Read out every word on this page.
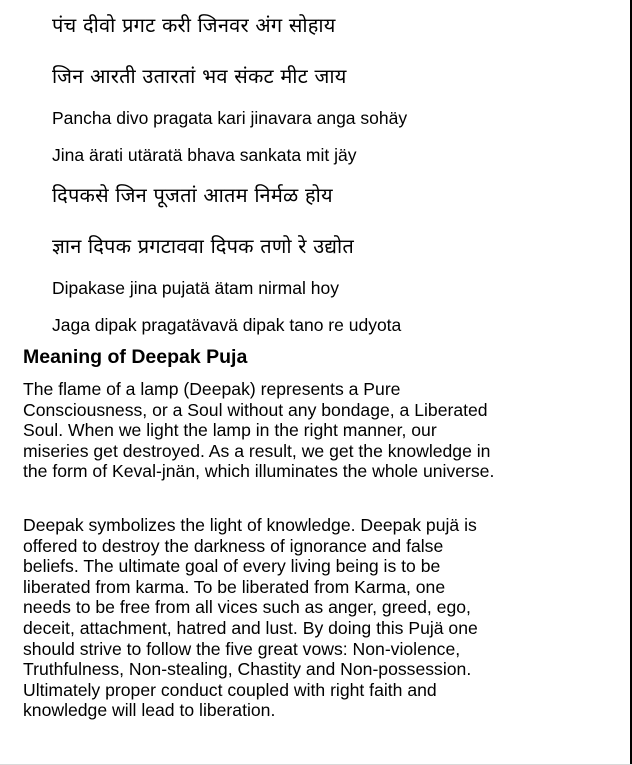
पंच दीवो प्रगट करी जिनवर अंग सोहाय

जिन आरती उतारतां भव संकट मीट जाय

Pancha divo pragata kari jinavara anga sohäy

Jina ärati utäratä bhava sankata mit jäy

दिपकसे जिन पूजतां आतम निर्मळ होय

ज्ञान दिपक प्रगटाववा दिपक तणो रे उद्योत

Dipakase jina pujatä ätam nirmal hoy

Jaga dipak pragatävavä dipak tano re udyota

Meaning of Deepak Puja
The flame of a lamp (Deepak) represents a Pure
Consciousness, or a Soul without any bondage, a Liberated
Soul. When we light the lamp in the right manner, our
miseries get destroyed. As a result, we get the knowledge in
the form of Keval-jnän, which illuminates the whole universe.
Deepak symbolizes the light of knowledge. Deepak pujä is
offered to destroy the darkness of ignorance and false
beliefs. The ultimate goal of every living being is to be
liberated from karma. To be liberated from Karma, one
needs to be free from all vices such as anger, greed, ego,
deceit, attachment, hatred and lust. By doing this Pujä one
should strive to follow the five great vows: Non-violence,
Truthfulness, Non-stealing, Chastity and Non-possession.
Ultimately proper conduct coupled with right faith and
knowledge will lead to liberation.
